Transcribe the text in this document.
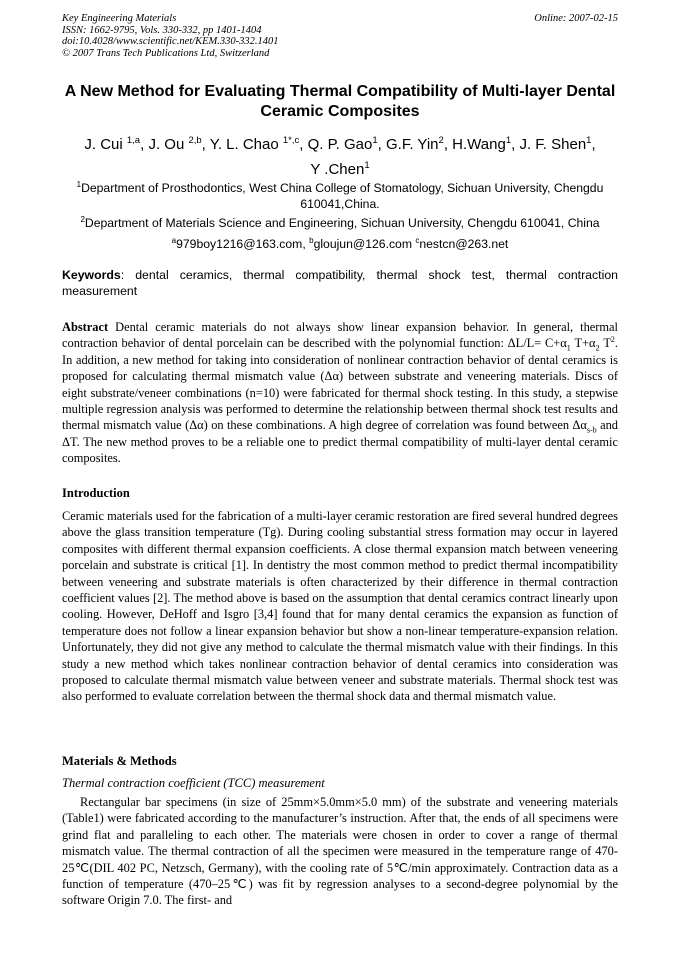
Key Engineering Materials
ISSN: 1662-9795, Vols. 330-332, pp 1401-1404
doi:10.4028/www.scientific.net/KEM.330-332.1401
© 2007 Trans Tech Publications Ltd, Switzerland
Online: 2007-02-15
A New Method for Evaluating Thermal Compatibility of Multi-layer Dental Ceramic Composites
J. Cui $^{1,a}$, J. Ou $^{2,b}$, Y. L. Chao $^{1*,c}$, Q. P. Gao$^1$, G.F. Yin$^2$, H.Wang$^1$, J. F. Shen$^1$,
Y .Chen$^1$
$^1$Department of Prosthodontics, West China College of Stomatology, Sichuan University, Chengdu 610041,China.
$^2$Department of Materials Science and Engineering, Sichuan University, Chengdu 610041, China
$^a$979boy1216@163.com, $^b$gloujun@126.com $^c$nestcn@263.net
Keywords: dental ceramics, thermal compatibility, thermal shock test, thermal contraction measurement
Abstract Dental ceramic materials do not always show linear expansion behavior. In general, thermal contraction behavior of dental porcelain can be described with the polynomial function: $\Delta L/L= C+\alpha_1$ $T+\alpha_2$ $T^2$. In addition, a new method for taking into consideration of nonlinear contraction behavior of dental ceramics is proposed for calculating thermal mismatch value (Δα) between substrate and veneering materials. Discs of eight substrate/veneer combinations (n=10) were fabricated for thermal shock testing. In this study, a stepwise multiple regression analysis was performed to determine the relationship between thermal shock test results and thermal mismatch value (Δα) on these combinations. A high degree of correlation was found between $\Delta\alpha_{s-b}$ and ΔT. The new method proves to be a reliable one to predict thermal compatibility of multi-layer dental ceramic composites.
Introduction
Ceramic materials used for the fabrication of a multi-layer ceramic restoration are fired several hundred degrees above the glass transition temperature (Tg). During cooling substantial stress formation may occur in layered composites with different thermal expansion coefficients. A close thermal expansion match between veneering porcelain and substrate is critical [1]. In dentistry the most common method to predict thermal incompatibility between veneering and substrate materials is often characterized by their difference in thermal contraction coefficient values [2]. The method above is based on the assumption that dental ceramics contract linearly upon cooling. However, DeHoff and Isgro [3,4] found that for many dental ceramics the expansion as function of temperature does not follow a linear expansion behavior but show a non-linear temperature-expansion relation. Unfortunately, they did not give any method to calculate the thermal mismatch value with their findings. In this study a new method which takes nonlinear contraction behavior of dental ceramics into consideration was proposed to calculate thermal mismatch value between veneer and substrate materials. Thermal shock test was also performed to evaluate correlation between the thermal shock data and thermal mismatch value.
Materials & Methods
Thermal contraction coefficient (TCC) measurement
Rectangular bar specimens (in size of 25mm×5.0mm×5.0 mm) of the substrate and veneering materials (Table1) were fabricated according to the manufacturer’s instruction. After that, the ends of all specimens were grind flat and paralleling to each other. The materials were chosen in order to cover a range of thermal mismatch value. The thermal contraction of all the specimen were measured in the temperature range of 470-25℃(DIL 402 PC, Netzsch, Germany), with the cooling rate of 5℃/min approximately. Contraction data as a function of temperature (470–25℃) was fit by regression analyses to a second-degree polynomial by the software Origin 7.0. The first- and
